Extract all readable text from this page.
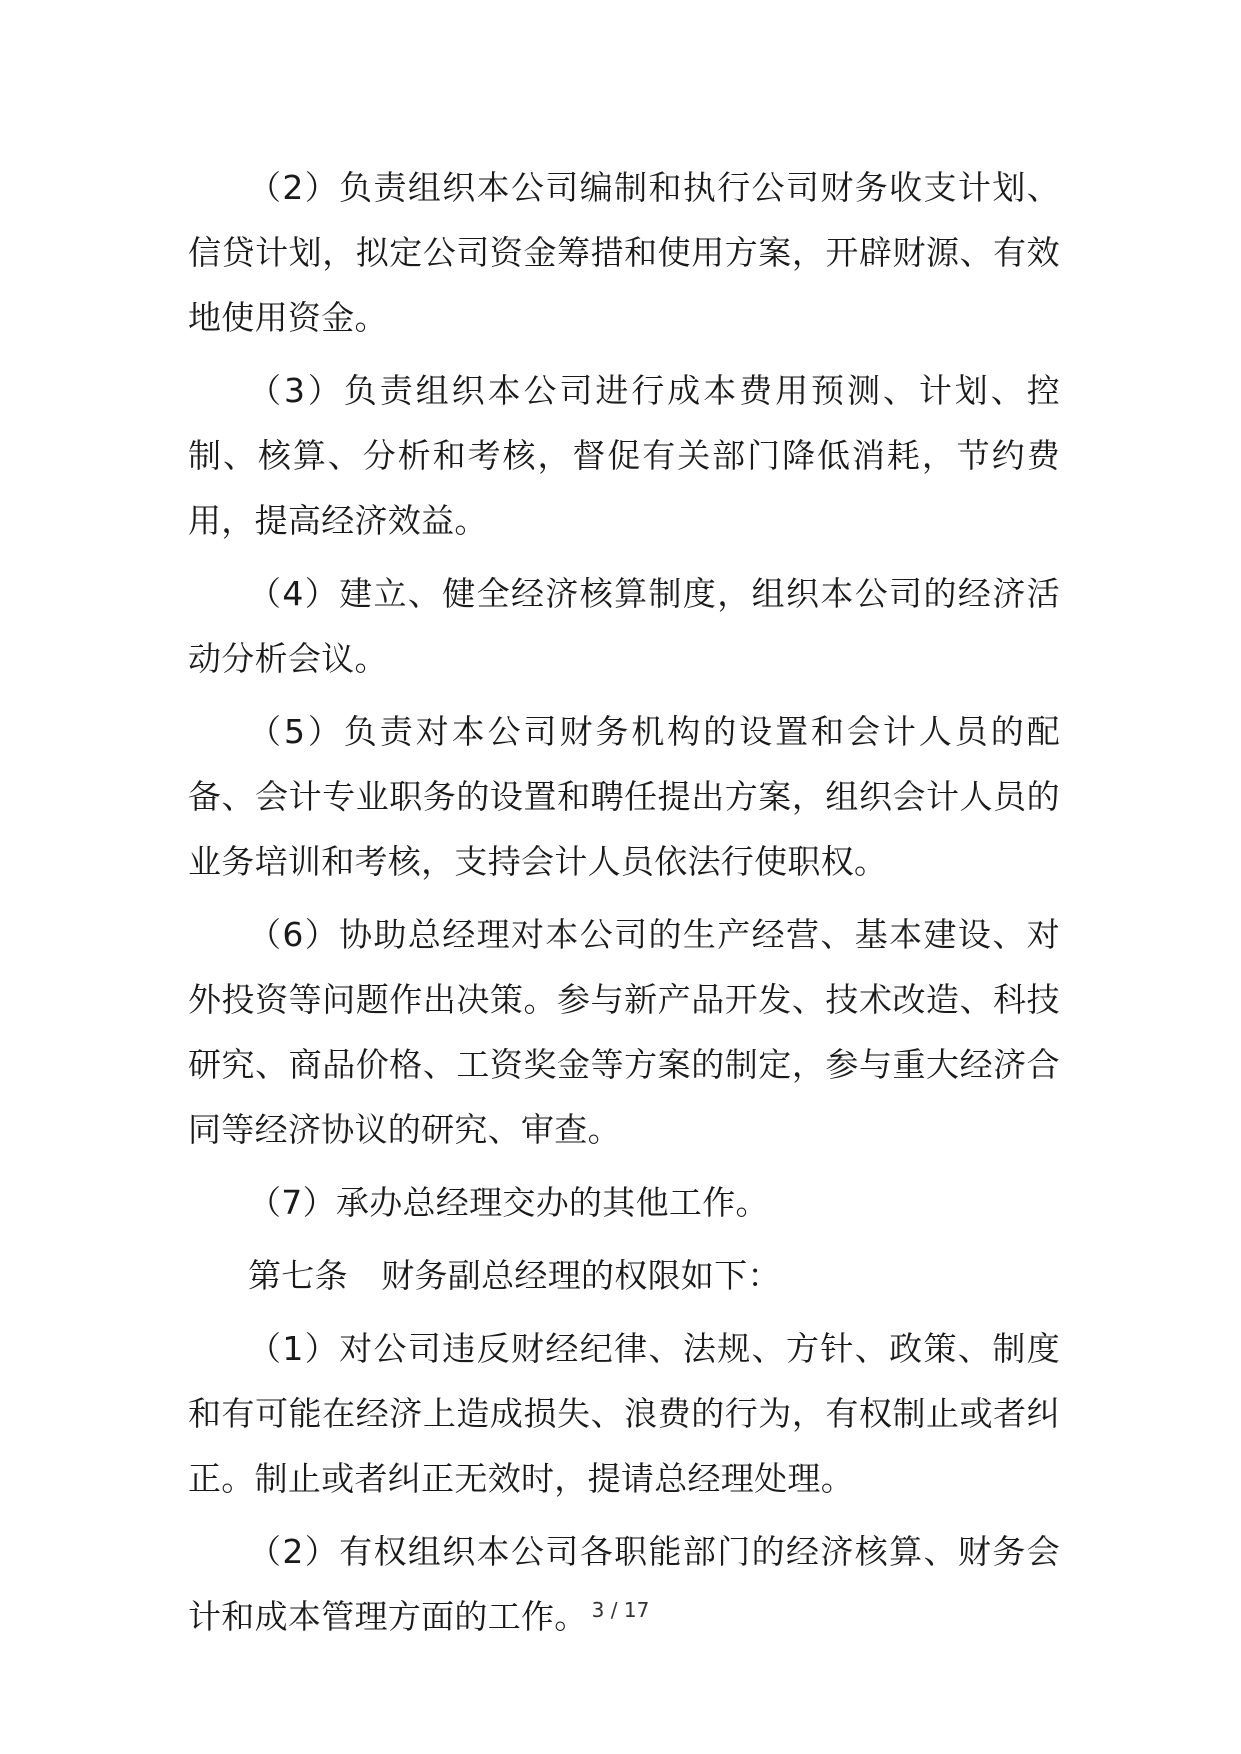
（2）负责组织本公司编制和执行公司财务收支计划、信贷计划，拟定公司资金筹措和使用方案，开辟财源、有效地使用资金。

（3）负责组织本公司进行成本费用预测、计划、控制、核算、分析和考核，督促有关部门降低消耗，节约费用，提高经济效益。

（4）建立、健全经济核算制度，组织本公司的经济活动分析会议。

（5）负责对本公司财务机构的设置和会计人员的配备、会计专业职务的设置和聘任提出方案，组织会计人员的业务培训和考核，支持会计人员依法行使职权。

（6）协助总经理对本公司的生产经营、基本建设、对外投资等问题作出决策。参与新产品开发、技术改造、科技研究、商品价格、工资奖金等方案的制定，参与重大经济合同等经济协议的研究、审查。

（7）承办总经理交办的其他工作。

第七条　财务副总经理的权限如下：

（1）对公司违反财经纪律、法规、方针、政策、制度和有可能在经济上造成损失、浪费的行为，有权制止或者纠正。制止或者纠正无效时，提请总经理处理。

（2）有权组织本公司各职能部门的经济核算、财务会计和成本管理方面的工作。 3 / 17
